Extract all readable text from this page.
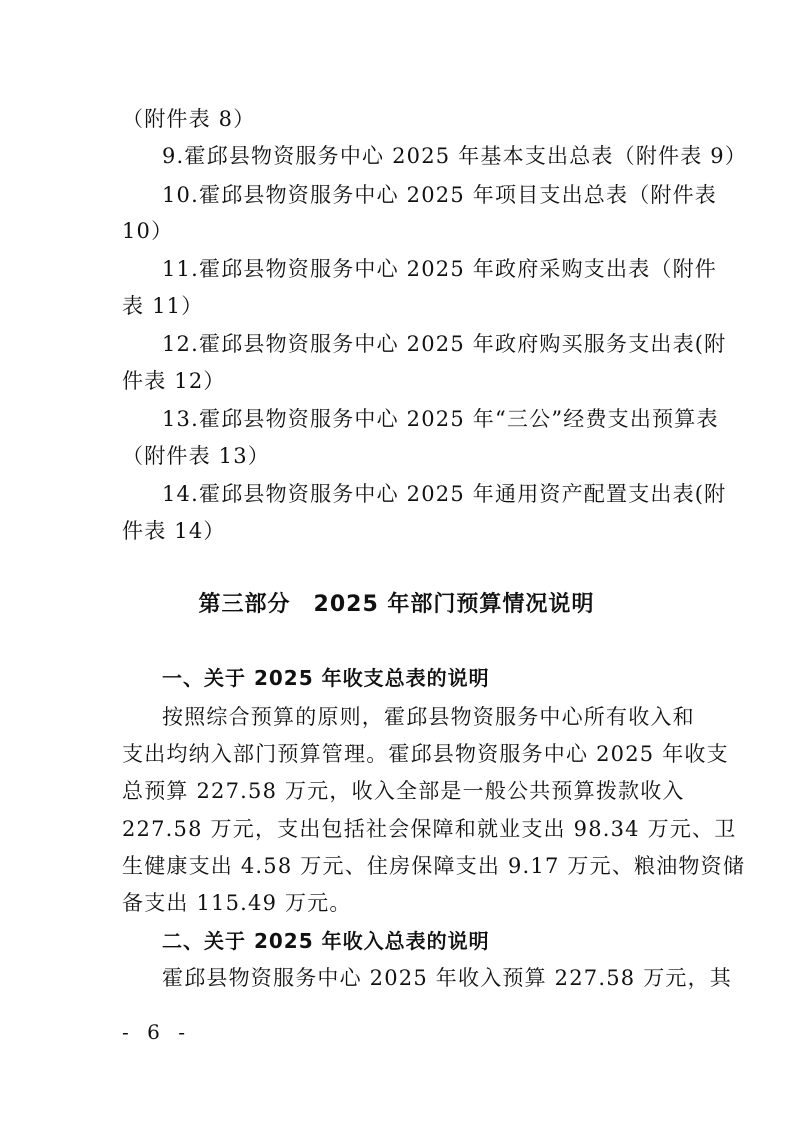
（附件表 8）
9.霍邱县物资服务中心 2025 年基本支出总表（附件表 9）
10.霍邱县物资服务中心 2025 年项目支出总表（附件表
10）
11.霍邱县物资服务中心 2025 年政府采购支出表（附件
表 11）
12.霍邱县物资服务中心 2025 年政府购买服务支出表(附
件表 12）
13.霍邱县物资服务中心 2025 年“三公”经费支出预算表
（附件表 13）
14.霍邱县物资服务中心 2025 年通用资产配置支出表(附
件表 14）
第三部分　2025 年部门预算情况说明
一、关于 2025 年收支总表的说明
按照综合预算的原则，霍邱县物资服务中心所有收入和
支出均纳入部门预算管理。霍邱县物资服务中心 2025 年收支
总预算 227.58 万元，收入全部是一般公共预算拨款收入
227.58 万元，支出包括社会保障和就业支出 98.34 万元、卫
生健康支出 4.58 万元、住房保障支出 9.17 万元、粮油物资储
备支出 115.49 万元。
二、关于 2025 年收入总表的说明
霍邱县物资服务中心 2025 年收入预算 227.58 万元，其
- 6 -
